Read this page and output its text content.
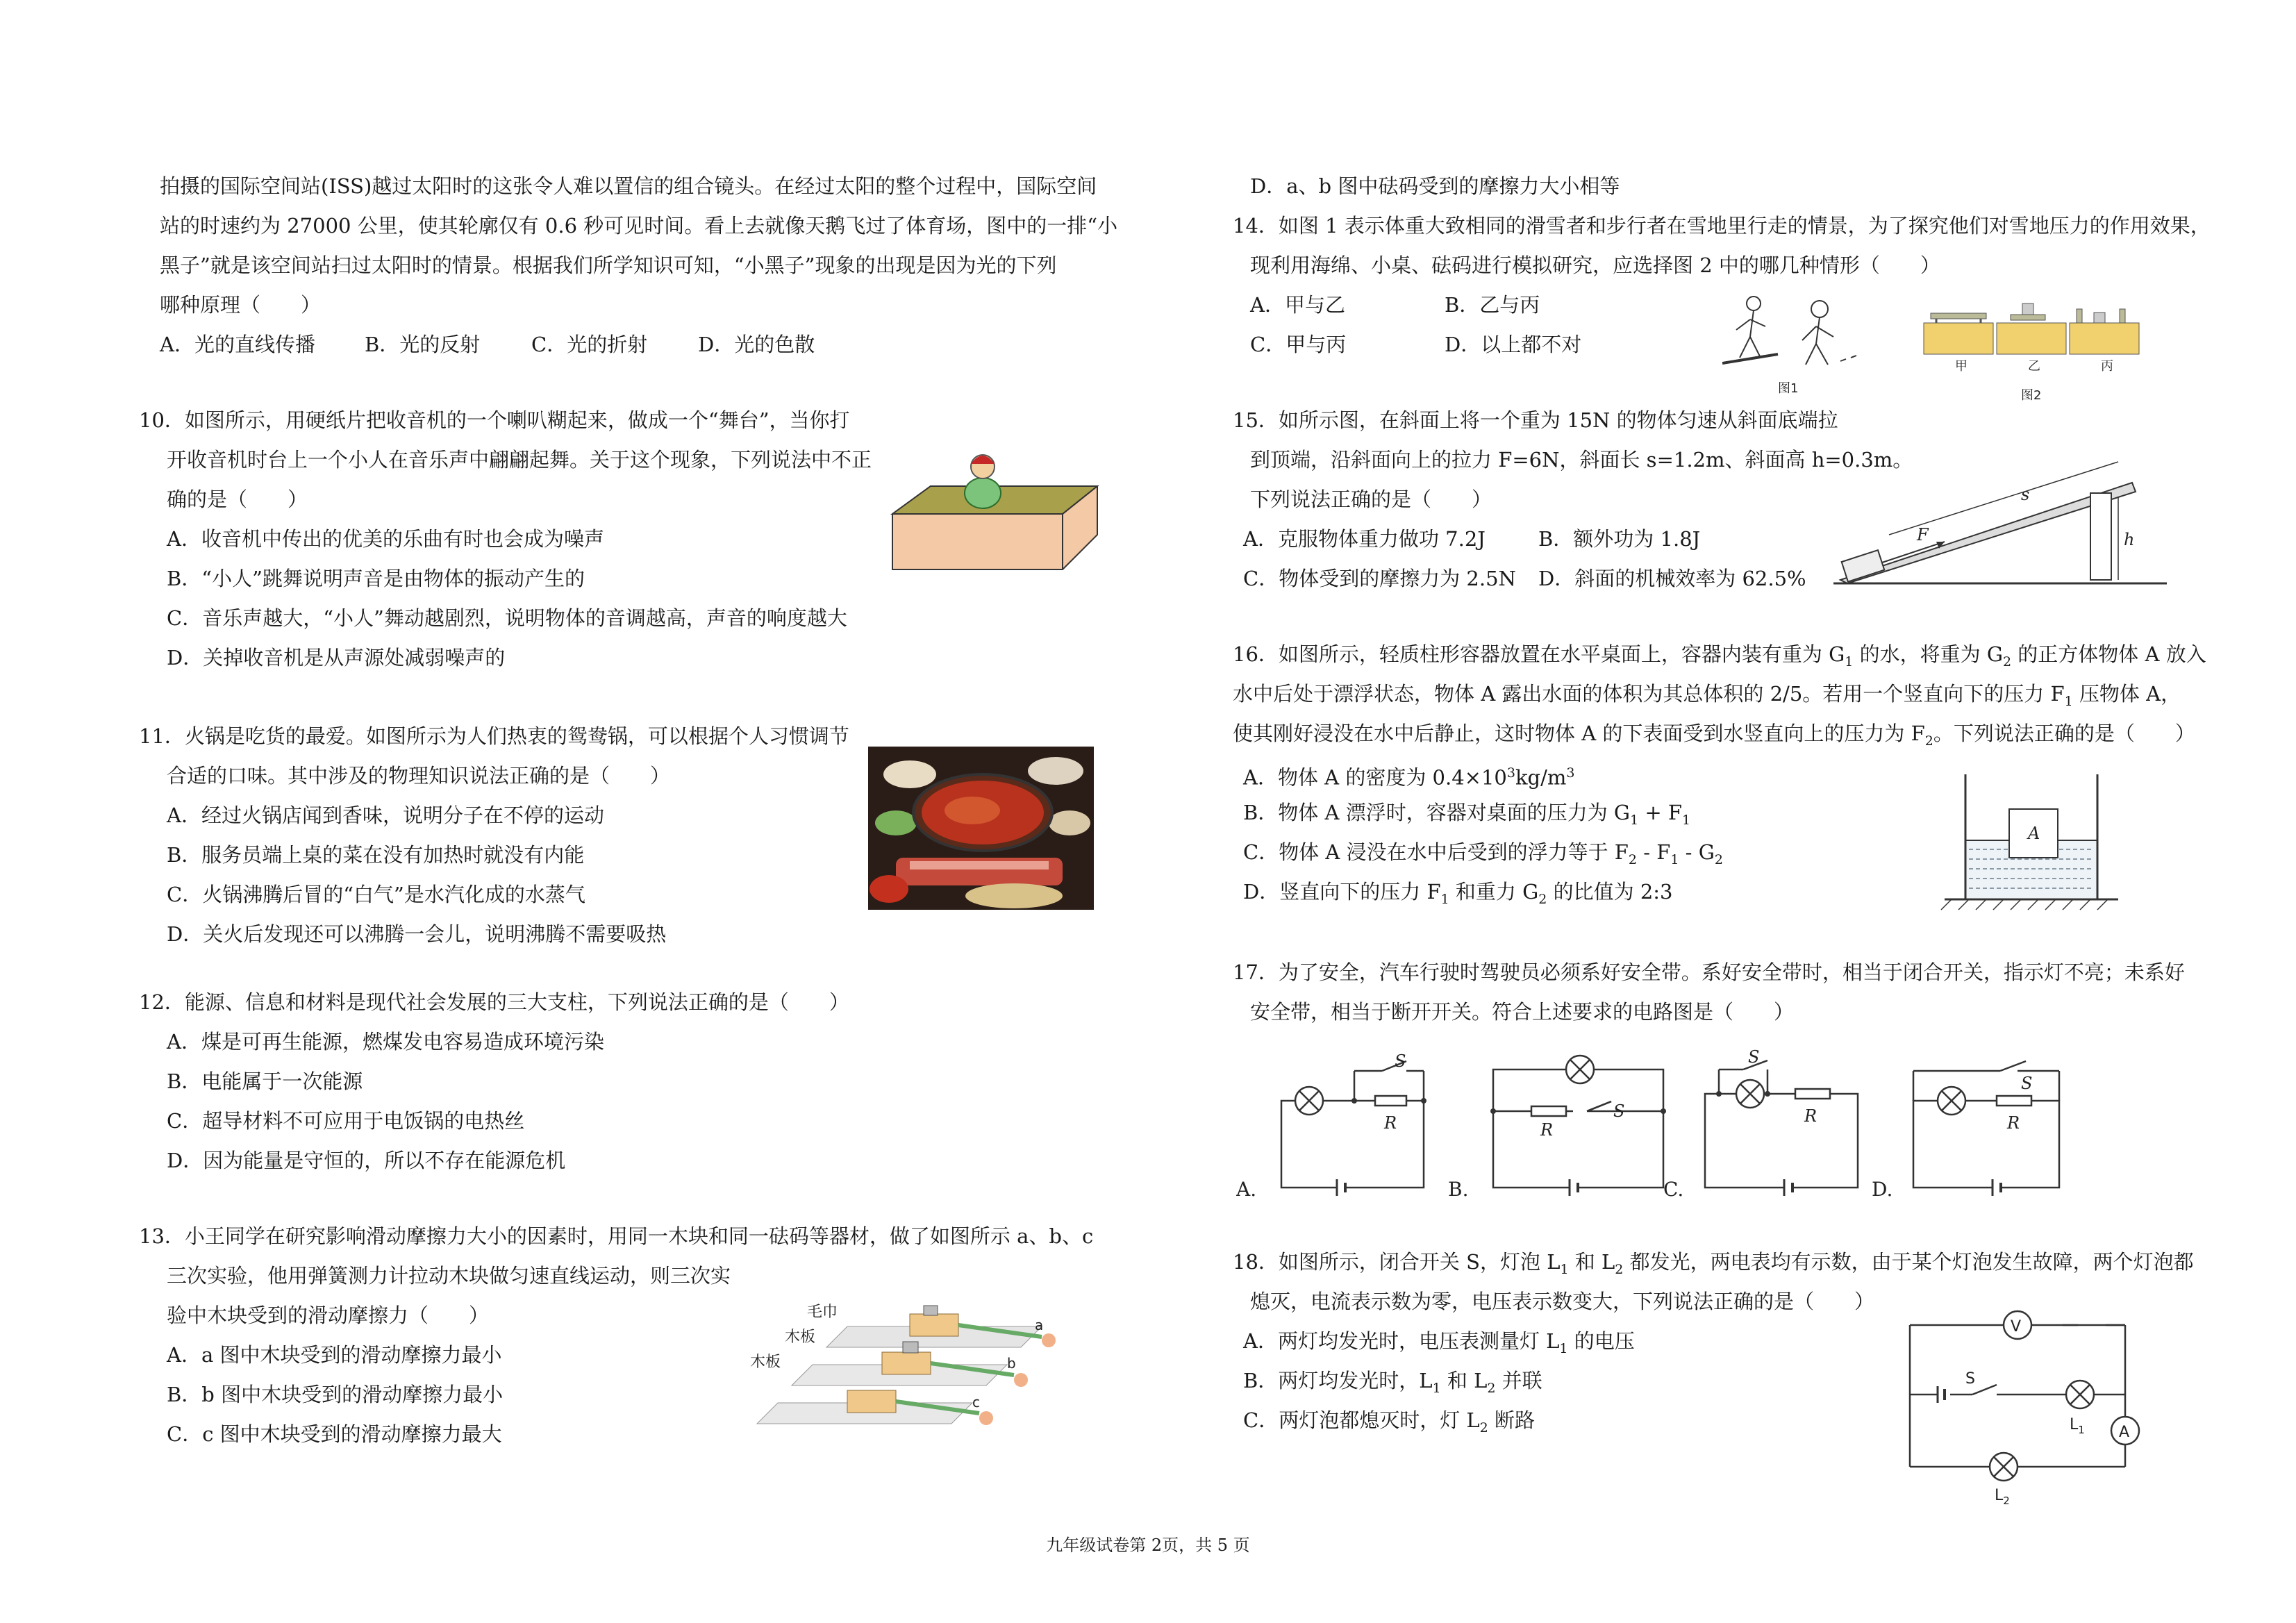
拍摄的国际空间站(ISS)越过太阳时的这张令人难以置信的组合镜头。在经过太阳的整个过程中，国际空间
站的时速约为 27000 公里，使其轮廓仅有 0.6 秒可见时间。看上去就像天鹅飞过了体育场，图中的一排“小
黑子”就是该空间站扫过太阳时的情景。根据我们所学知识可知，“小黑子”现象的出现是因为光的下列
哪种原理（　　）
A．光的直线传播 B．光的反射	C．光的折射	D．光的色散
10．如图所示，用硬纸片把收音机的一个喇叭糊起来，做成一个“舞台”，当你打
开收音机时台上一个小人在音乐声中翩翩起舞。关于这个现象，下列说法中不正
确的是（　　）
A．收音机中传出的优美的乐曲有时也会成为噪声
B．“小人”跳舞说明声音是由物体的振动产生的
C．音乐声越大，“小人”舞动越剧烈，说明物体的音调越高，声音的响度越大
D．关掉收音机是从声源处减弱噪声的
11．火锅是吃货的最爱。如图所示为人们热衷的鸳鸯锅，可以根据个人习惯调节
合适的口味。其中涉及的物理知识说法正确的是（　　）
A．经过火锅店闻到香味，说明分子在不停的运动
B．服务员端上桌的菜在没有加热时就没有内能
C．火锅沸腾后冒的“白气”是水汽化成的水蒸气
D．关火后发现还可以沸腾一会儿，说明沸腾不需要吸热
12．能源、信息和材料是现代社会发展的三大支柱，下列说法正确的是（　　）
A．煤是可再生能源，燃煤发电容易造成环境污染
B．电能属于一次能源
C．超导材料不可应用于电饭锅的电热丝
D．因为能量是守恒的，所以不存在能源危机
13．小王同学在研究影响滑动摩擦力大小的因素时，用同一木块和同一砝码等器材，做了如图所示 a、b、c
三次实验，他用弹簧测力计拉动木块做匀速直线运动，则三次实
验中木块受到的滑动摩擦力（　　）
A．a 图中木块受到的滑动摩擦力最小
B．b 图中木块受到的滑动摩擦力最小
C．c 图中木块受到的滑动摩擦力最大
毛巾
木板
木板
a
b
c
D．a、b 图中砝码受到的摩擦力大小相等
14．如图 1 表示体重大致相同的滑雪者和步行者在雪地里行走的情景，为了探究他们对雪地压力的作用效果，
现利用海绵、小桌、砝码进行模拟研究，应选择图 2 中的哪几种情形（　　）
A．甲与乙	B．乙与丙
C．甲与丙	D．以上都不对
甲	乙	丙
图1	图2
15．如所示图，在斜面上将一个重为 15N 的物体匀速从斜面底端拉
到顶端，沿斜面向上的拉力 F=6N，斜面长 s=1.2m、斜面高 h=0.3m。
下列说法正确的是（　　）
A．克服物体重力做功 7.2J	B．额外功为 1.8J
C．物体受到的摩擦力为 2.5N D．斜面的机械效率为 62.5%
s
F	h
16．如图所示，轻质柱形容器放置在水平桌面上，容器内装有重为 $G_1$ 的水，将重为 $G_2$ 的正方体物体 A 放入
水中后处于漂浮状态，物体 A 露出水面的体积为其总体积的 2/5。若用一个竖直向下的压力 $F_1$ 压物体 A，
使其刚好浸没在水中后静止，这时物体 A 的下表面受到水竖直向上的压力为 $F_2$。下列说法正确的是（　　）
A．物体 A 的密度为 $0.4\times 10^3kg/m^3$
B．物体 A 漂浮时，容器对桌面的压力为 $G_1 + F_1$
C．物体 A 浸没在水中后受到的浮力等于 $F_2 - F_1 - G_2$
D．竖直向下的压力 $F_1$ 和重力 $G_2$ 的比值为 2:3
A
17．为了安全，汽车行驶时驾驶员必须系好安全带。系好安全带时，相当于闭合开关，指示灯不亮；未系好
安全带，相当于断开开关。符合上述要求的电路图是（　　）
S
R
A.
S
R
B.
S
R
C.
S
R
D.
18．如图所示，闭合开关 S，灯泡 $L_1$ 和 $L_2$ 都发光，两电表均有示数，由于某个灯泡发生故障，两个灯泡都
熄灭，电流表示数为零，电压表示数变大，下列说法正确的是（　　）
A．两灯均发光时，电压表测量灯 $L_1$ 的电压
B．两灯均发光时，$L_1$ 和 $L_2$ 并联
C．两灯泡都熄灭时，灯 $L_2$ 断路
V
S
$L_1$ A
$L_2$
九年级试卷第 2页，共 5 页
